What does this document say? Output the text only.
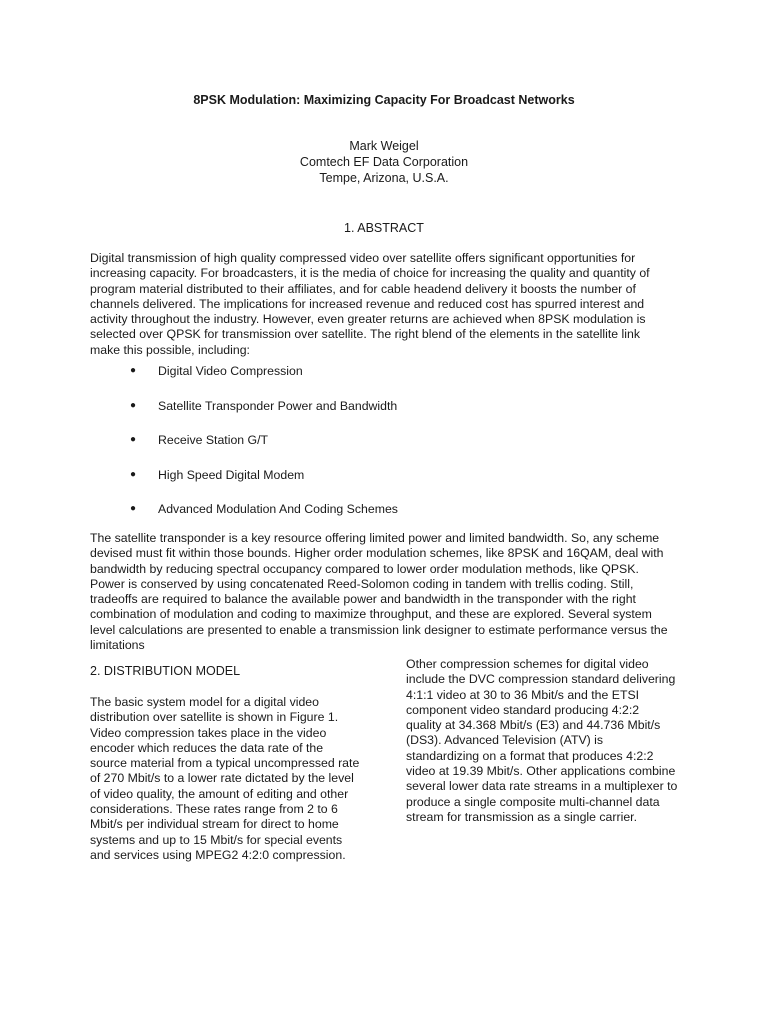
8PSK Modulation: Maximizing Capacity For Broadcast Networks
Mark Weigel
Comtech EF Data Corporation
Tempe, Arizona, U.S.A.
1. ABSTRACT

Digital transmission of high quality compressed video over satellite offers significant opportunities for increasing capacity. For broadcasters, it is the media of choice for increasing the quality and quantity of program material distributed to their affiliates, and for cable headend delivery it boosts the number of channels delivered. The implications for increased revenue and reduced cost has spurred interest and activity throughout the industry. However, even greater returns are achieved when 8PSK modulation is selected over QPSK for transmission over satellite. The right blend of the elements in the satellite link make this possible, including:

●	Digital Video Compression
●	Satellite Transponder Power and Bandwidth
●	Receive Station G/T
●	High Speed Digital Modem
●	Advanced Modulation And Coding Schemes

The satellite transponder is a key resource offering limited power and limited bandwidth. So, any scheme devised must fit within those bounds. Higher order modulation schemes, like 8PSK and 16QAM, deal with bandwidth by reducing spectral occupancy compared to lower order modulation methods, like QPSK. Power is conserved by using concatenated Reed-Solomon coding in tandem with trellis coding. Still, tradeoffs are required to balance the available power and bandwidth in the transponder with the right combination of modulation and coding to maximize throughput, and these are explored. Several system level calculations are presented to enable a transmission link designer to estimate performance versus the limitations

2. DISTRIBUTION MODEL

The basic system model for a digital video distribution over satellite is shown in Figure 1. Video compression takes place in the video encoder which reduces the data rate of the source material from a typical uncompressed rate of 270 Mbit/s to a lower rate dictated by the level of video quality, the amount of editing and other considerations. These rates range from 2 to 6 Mbit/s per individual stream for direct to home systems and up to 15 Mbit/s for special events and services using MPEG2 4:2:0 compression.

Other compression schemes for digital video include the DVC compression standard delivering 4:1:1 video at 30 to 36 Mbit/s and the ETSI component video standard producing 4:2:2 quality at 34.368 Mbit/s (E3) and 44.736 Mbit/s (DS3). Advanced Television (ATV) is standardizing on a format that produces 4:2:2 video at 19.39 Mbit/s. Other applications combine several lower data rate streams in a multiplexer to produce a single composite multi-channel data stream for transmission as a single carrier.
